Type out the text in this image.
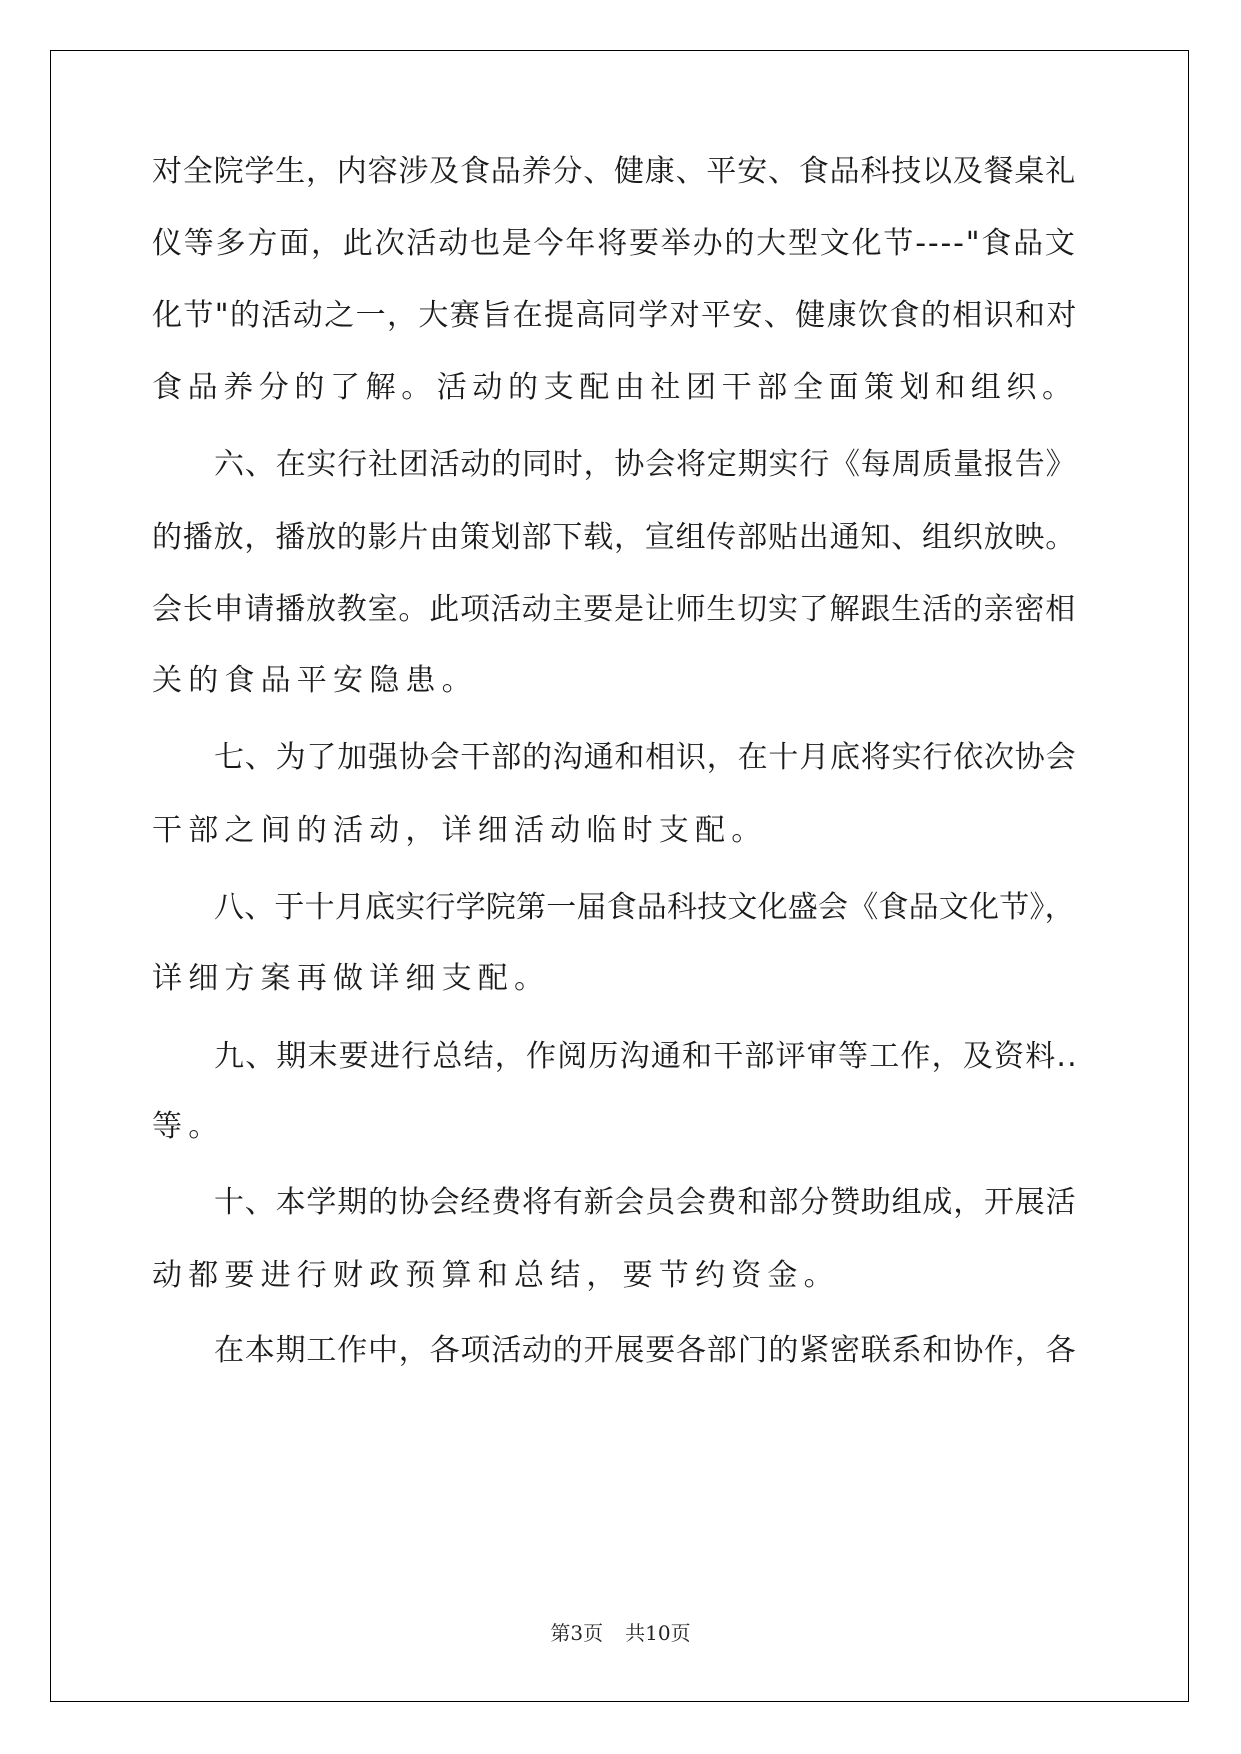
对全院学生，内容涉及食品养分、健康、平安、食品科技以及餐桌礼
仪等多方面，此次活动也是今年将要举办的大型文化节----"食品文
化节"的活动之一，大赛旨在提高同学对平安、健康饮食的相识和对
食品养分的了解。活动的支配由社团干部全面策划和组织。
六、在实行社团活动的同时，协会将定期实行《每周质量报告》
的播放，播放的影片由策划部下载，宣组传部贴出通知、组织放映。
会长申请播放教室。此项活动主要是让师生切实了解跟生活的亲密相
关的食品平安隐患。
七、为了加强协会干部的沟通和相识，在十月底将实行依次协会
干部之间的活动，详细活动临时支配。
八、于十月底实行学院第一届食品科技文化盛会《食品文化节》，
详细方案再做详细支配。
九、期末要进行总结，作阅历沟通和干部评审等工作，及资料..
等。
十、本学期的协会经费将有新会员会费和部分赞助组成，开展活
动都要进行财政预算和总结，要节约资金。
在本期工作中，各项活动的开展要各部门的紧密联系和协作，各
第3页 共10页
